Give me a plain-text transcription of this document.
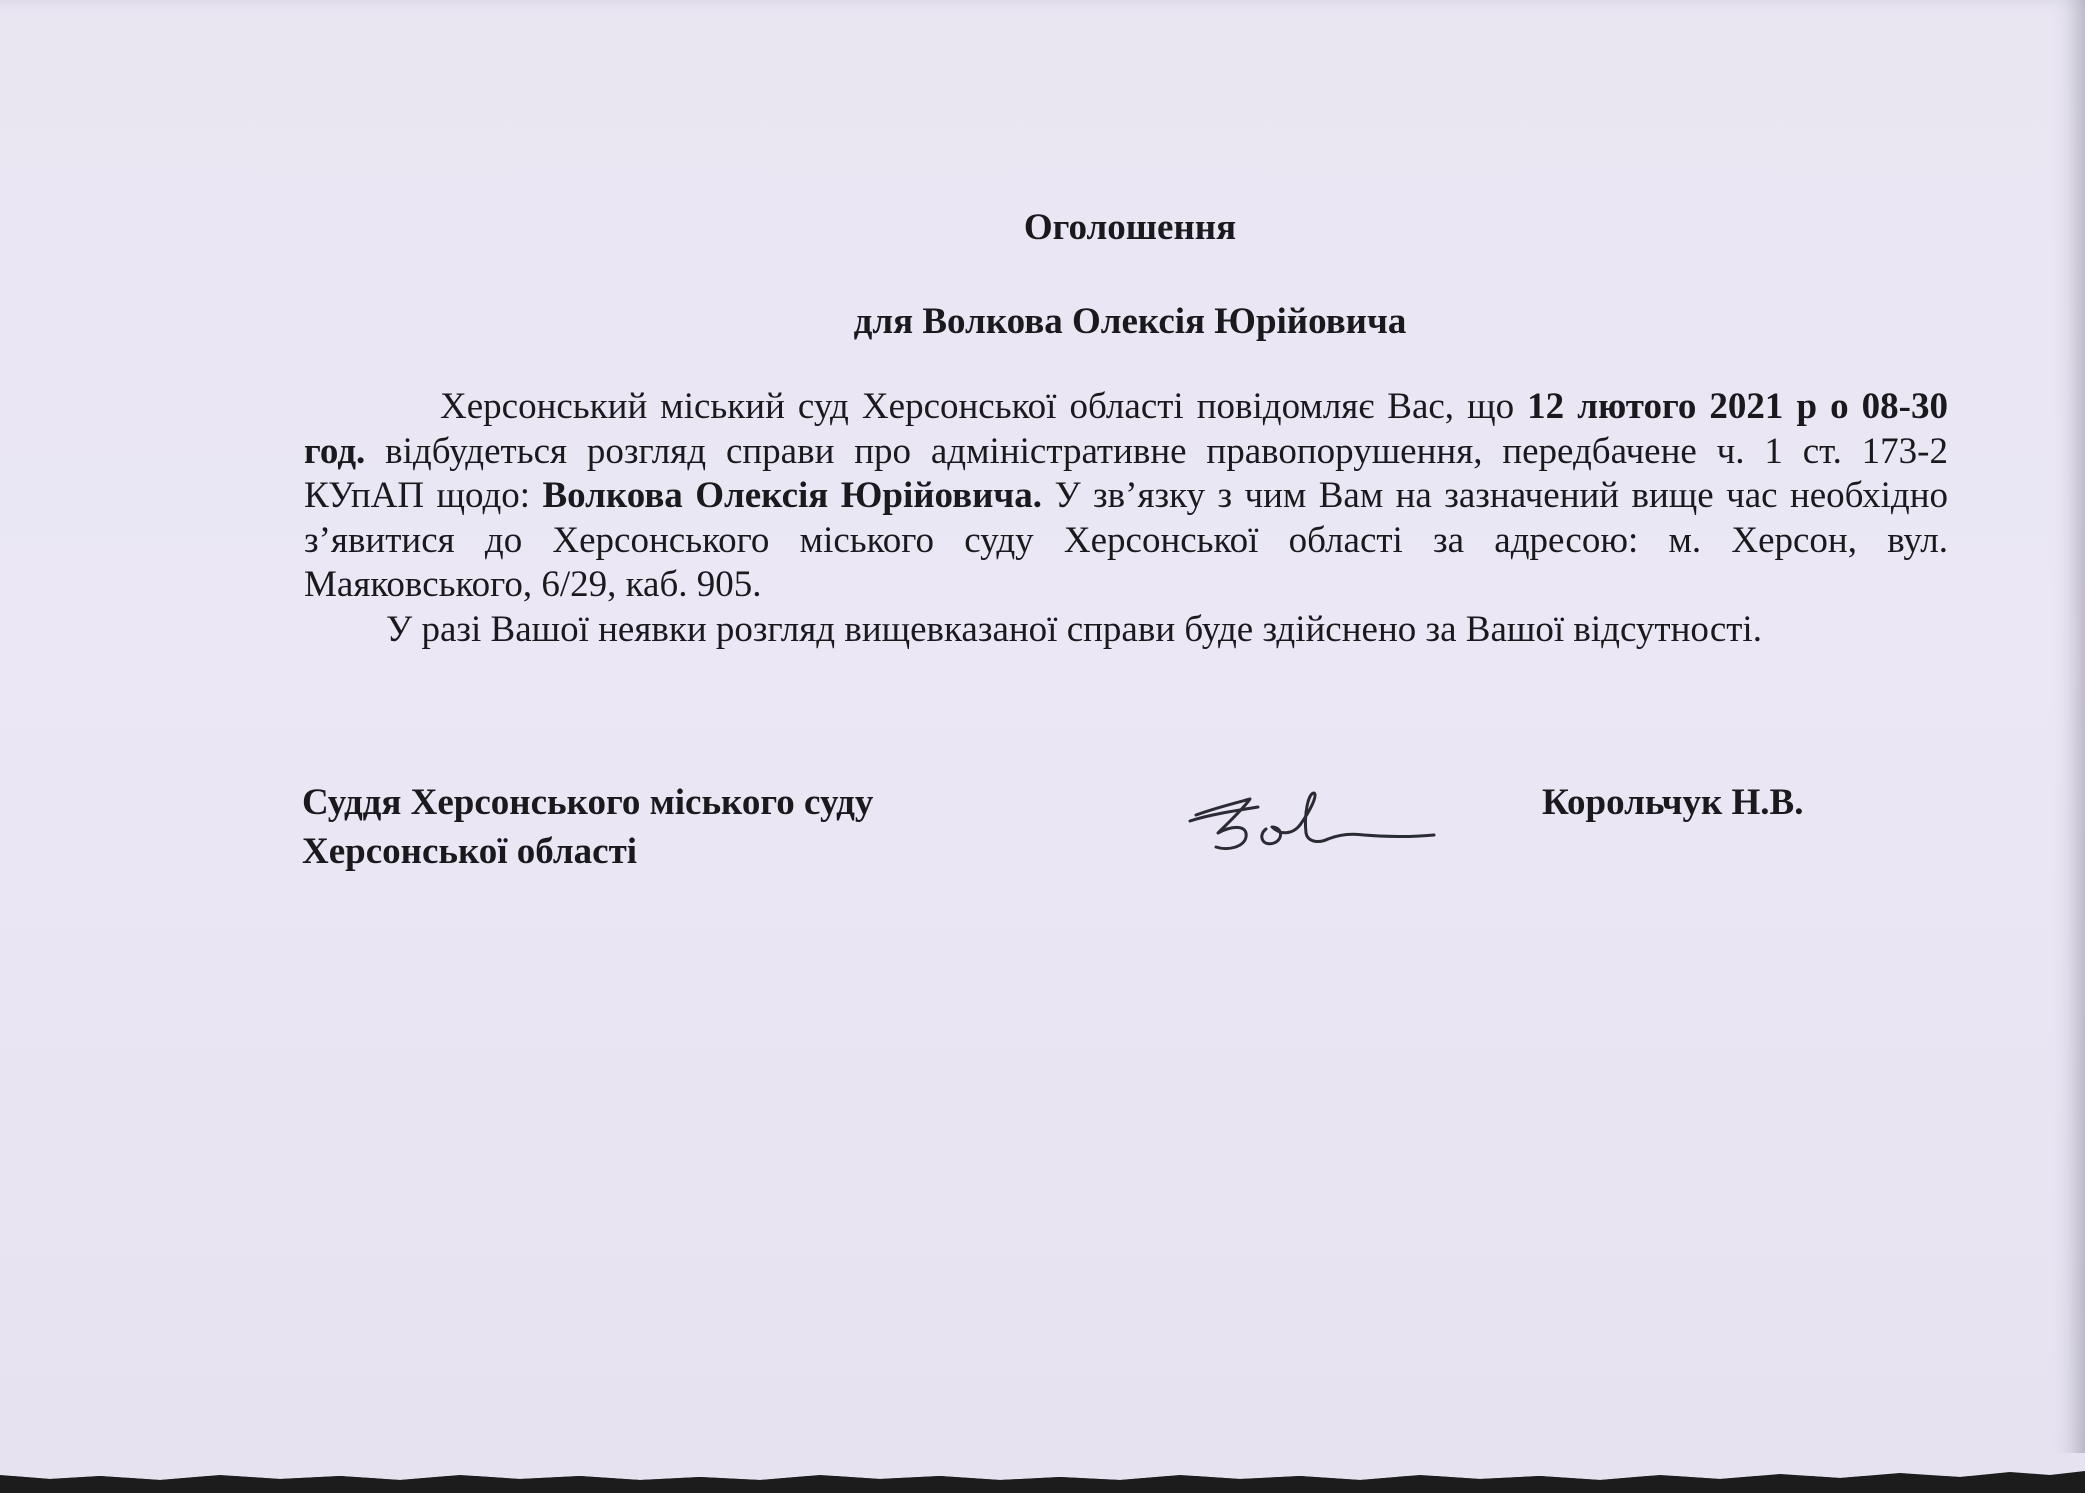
Оголошення
для Волкова Олексія Юрійовича

Херсонський міський суд Херсонської області повідомляє Вас, що 12 лютого 2021 р о 08-30 год. відбудеться розгляд справи про адміністративне правопорушення, передбачене ч. 1 ст. 173-2 КУпАП щодо: Волкова Олексія Юрійовича. У зв’язку з чим Вам на зазначений вище час необхідно з’явитися до Херсонського міського суду Херсонської області за адресою: м. Херсон, вул. Маяковського, 6/29, каб. 905.

У разі Вашої неявки розгляд вищевказаної справи буде здійснено за Вашої відсутності.

Суддя Херсонського міського суду
Херсонської області

Корольчук Н.В.
